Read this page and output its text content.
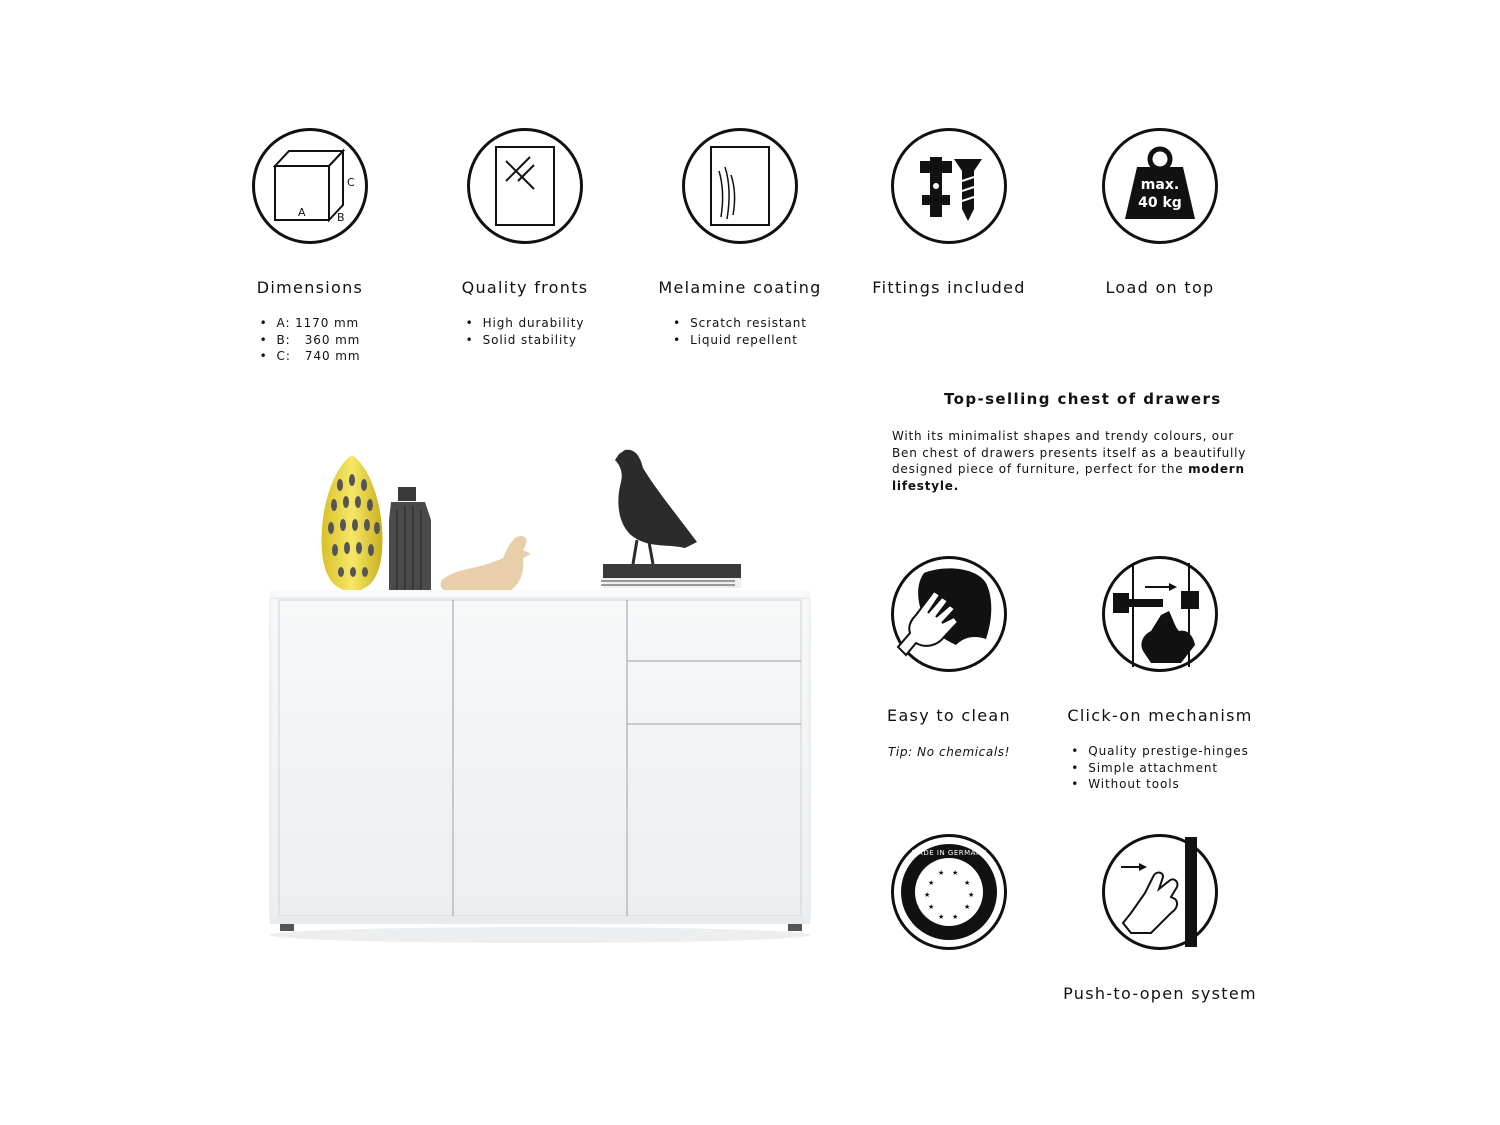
A	B
C
Dimensions
• A: 1170 mm
• B:   360 mm
• C:   740 mm
Quality fronts
• High durability
• Solid stability
Melamine coating
• Scratch resistant
• Liquid repellent
Fittings included
max.
40 kg
Load on top
Top-selling chest of drawers

With its minimalist shapes and trendy colours, our Ben chest of drawers presents itself as a beautifully designed piece of furniture, perfect for the modern lifestyle.

Easy to clean
Tip: No chemicals!
Click-on mechanism
• Quality prestige-hinges
• Simple attachment
• Without tools
★ ★
★	★
★	★
★	★
★ ★
MADE IN GERMANY
Push-to-open system
